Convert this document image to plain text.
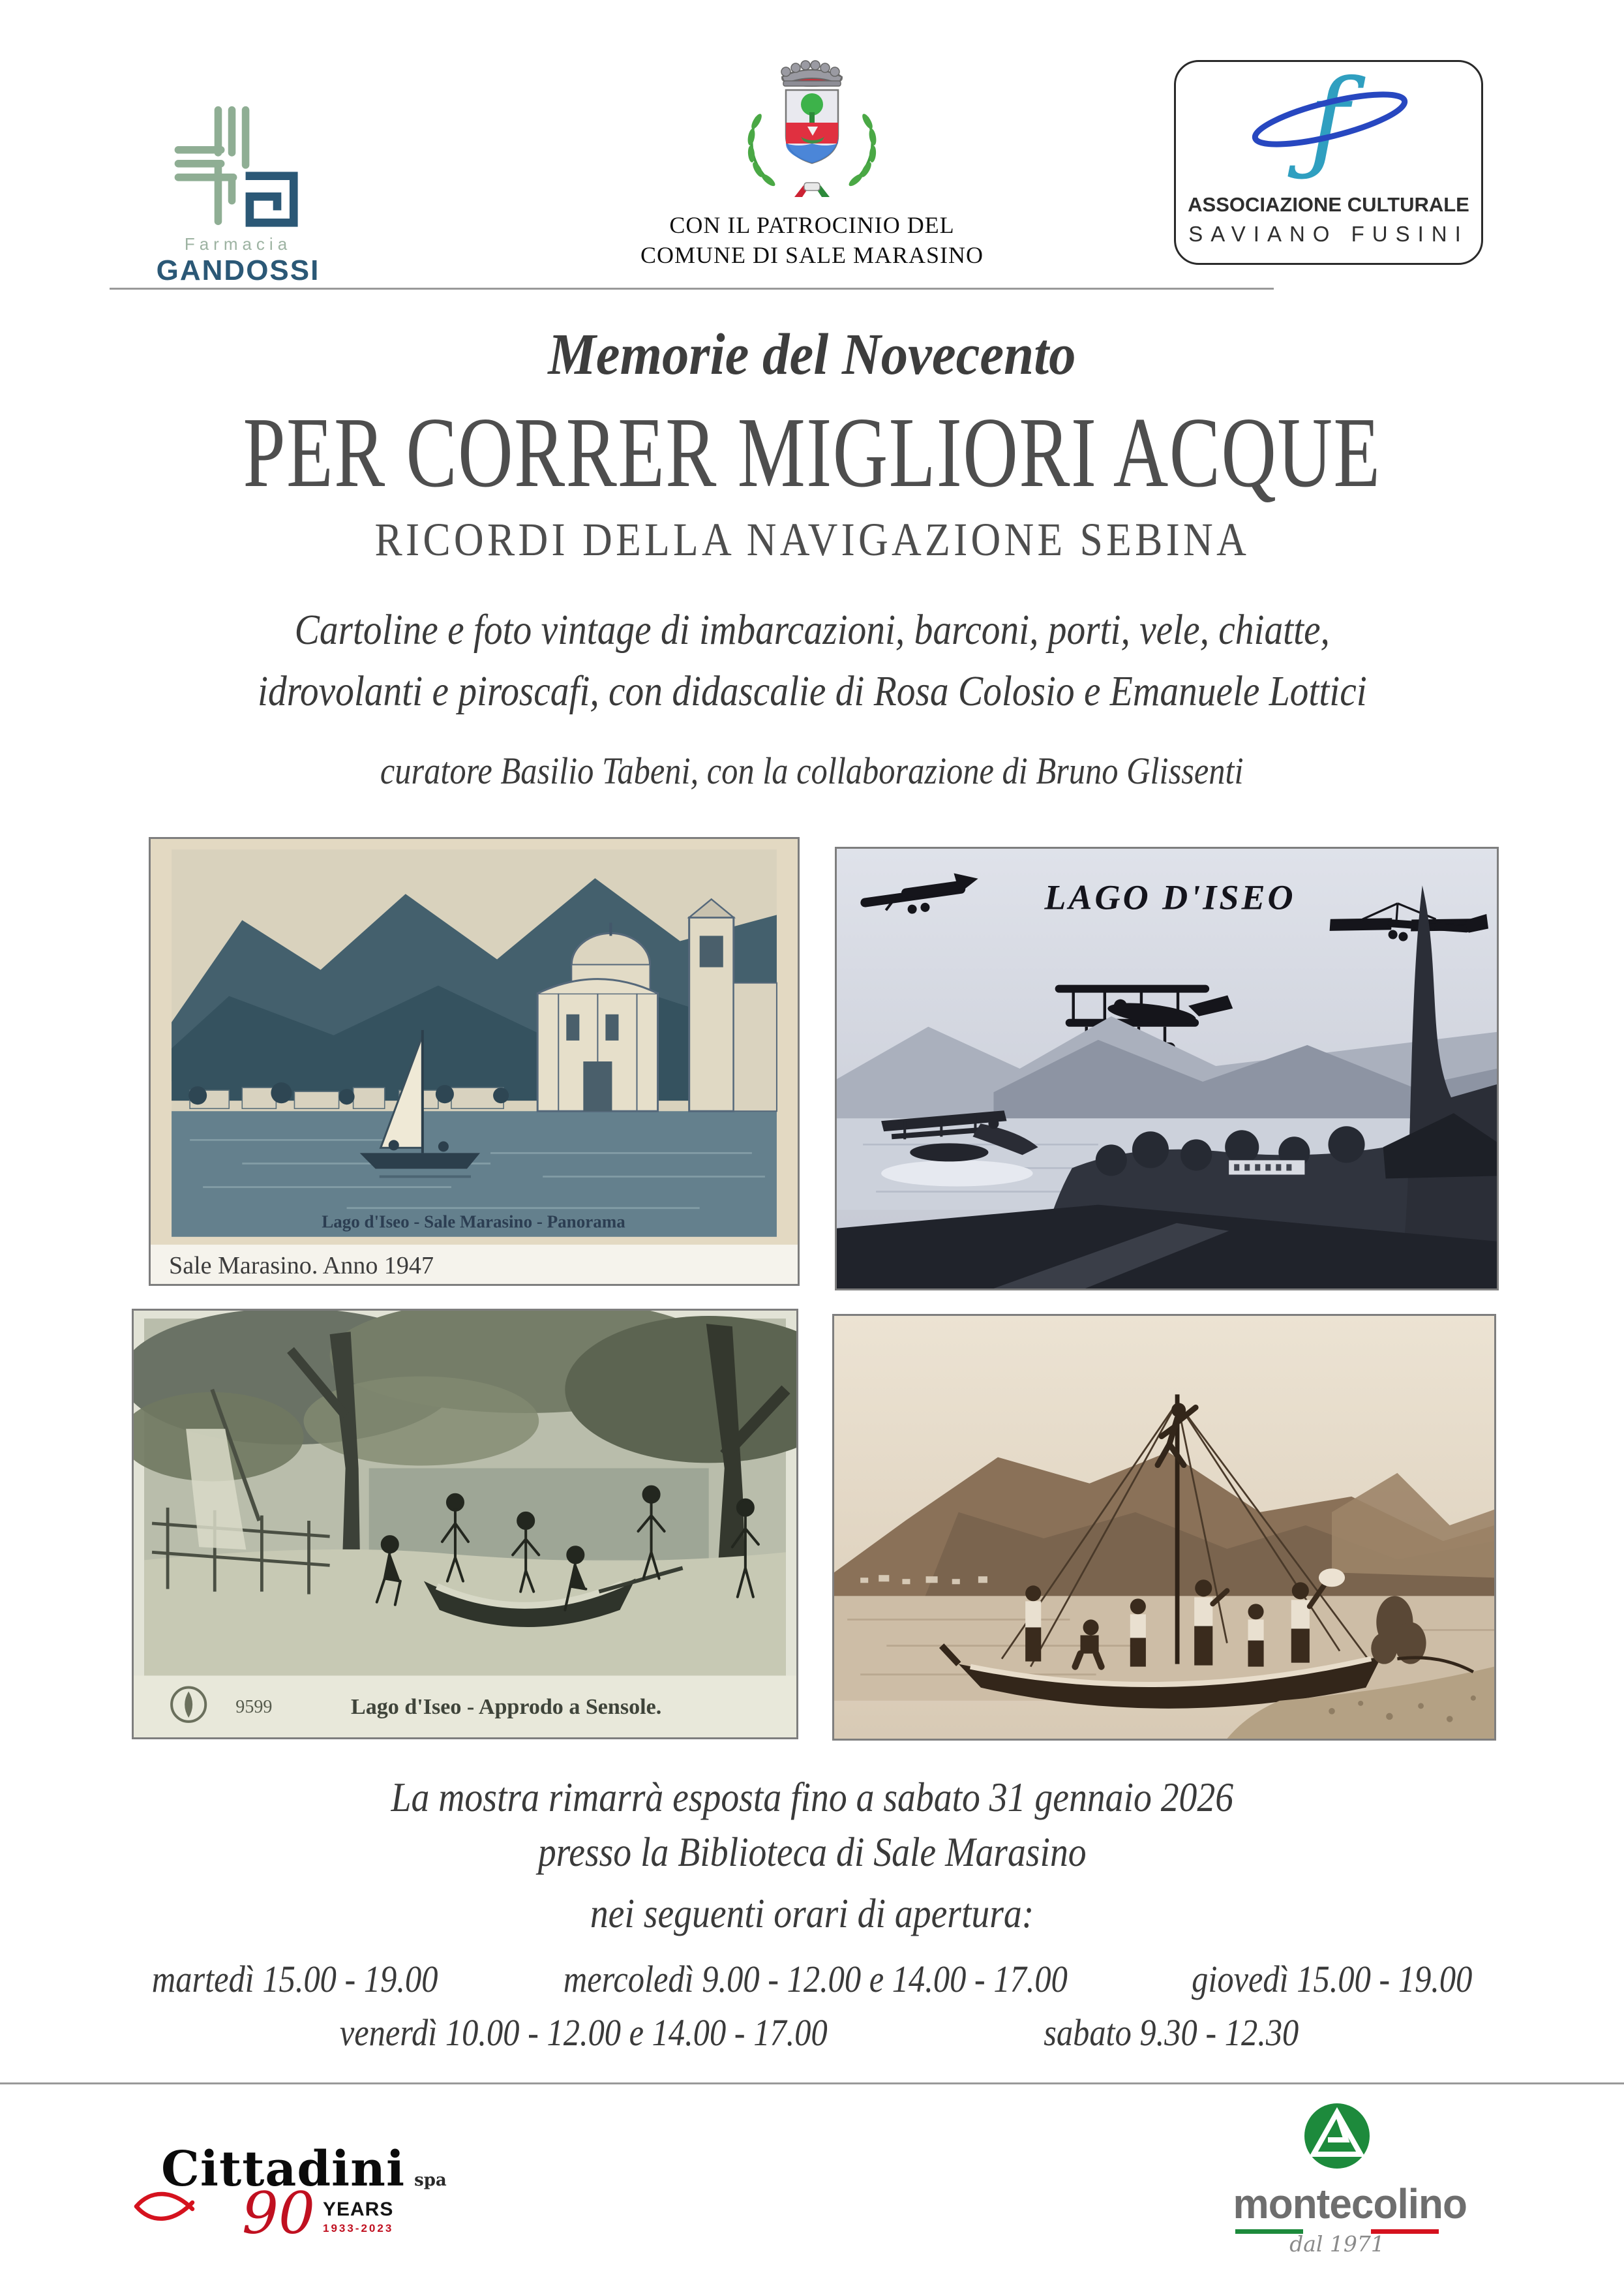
Farmacia
GANDOSSI
CON IL PATROCINIO DEL
COMUNE DI SALE MARASINO
ƒ
ASSOCIAZIONE CULTURALE
SAVIANO FUSINI
Memorie del Novecento
PER CORRER MIGLIORI ACQUE
RICORDI DELLA NAVIGAZIONE SEBINA
Cartoline e foto vintage di imbarcazioni, barconi, porti, vele, chiatte,
idrovolanti e piroscafi, con didascalie di Rosa Colosio e Emanuele Lottici
curatore Basilio Tabeni, con la collaborazione di Bruno Glissenti
Lago d'Iseo - Sale Marasino - Panorama
Sale Marasino. Anno 1947
LAGO D'ISEO
9599	Lago d'Iseo - Approdo a Sensole.
La mostra rimarrà esposta fino a sabato 31 gennaio 2026
presso la Biblioteca di Sale Marasino
nei seguenti orari di apertura:
martedì 15.00 - 19.00	mercoledì 9.00 - 12.00 e 14.00 - 17.00	giovedì 15.00 - 19.00
venerdì 10.00 - 12.00 e 14.00 - 17.00	sabato 9.30 - 12.30
Cittadini spa
90 YEARS
1933-2023
montecolino
dal 1971
